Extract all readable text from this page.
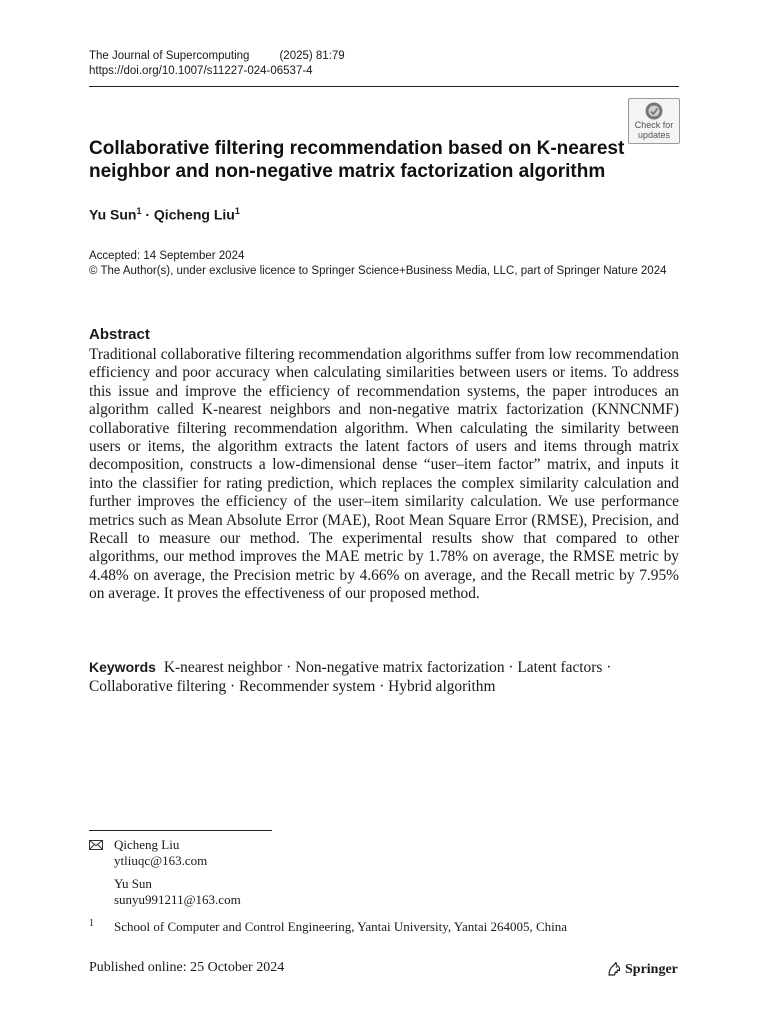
The Journal of Supercomputing	(2025) 81:79
https://doi.org/10.1007/s11227-024-06537-4
Check for
updates
Collaborative filtering recommendation based on K-nearest neighbor and non-negative matrix factorization algorithm
Yu Sun$^1$ · Qicheng Liu$^1$
Accepted: 14 September 2024
© The Author(s), under exclusive licence to Springer Science+Business Media, LLC, part of Springer Nature 2024
Abstract
Traditional collaborative filtering recommendation algorithms suffer from low recommendation efficiency and poor accuracy when calculating similarities between users or items. To address this issue and improve the efficiency of recommendation systems, the paper introduces an algorithm called K-nearest neighbors and non-negative matrix factorization (KNNCNMF) collaborative filtering recommendation algorithm. When calculating the similarity between users or items, the algorithm extracts the latent factors of users and items through matrix decomposition, constructs a low-dimensional dense “user–item factor” matrix, and inputs it into the classifier for rating prediction, which replaces the complex similarity calculation and further improves the efficiency of the user–item similarity calculation. We use performance metrics such as Mean Absolute Error (MAE), Root Mean Square Error (RMSE), Precision, and Recall to measure our method. The experimental results show that compared to other algorithms, our method improves the MAE metric by 1.78% on average, the RMSE metric by 4.48% on average, the Precision metric by 4.66% on average, and the Recall metric by 7.95% on average. It proves the effectiveness of our proposed method.
Keywords K-nearest neighbor · Non-negative matrix factorization · Latent factors · Collaborative filtering · Recommender system · Hybrid algorithm
Qicheng Liu
ytliuqc@163.com
Yu Sun
sunyu991211@163.com
1 School of Computer and Control Engineering, Yantai University, Yantai 264005, China
Published online: 25 October 2024	Springer
